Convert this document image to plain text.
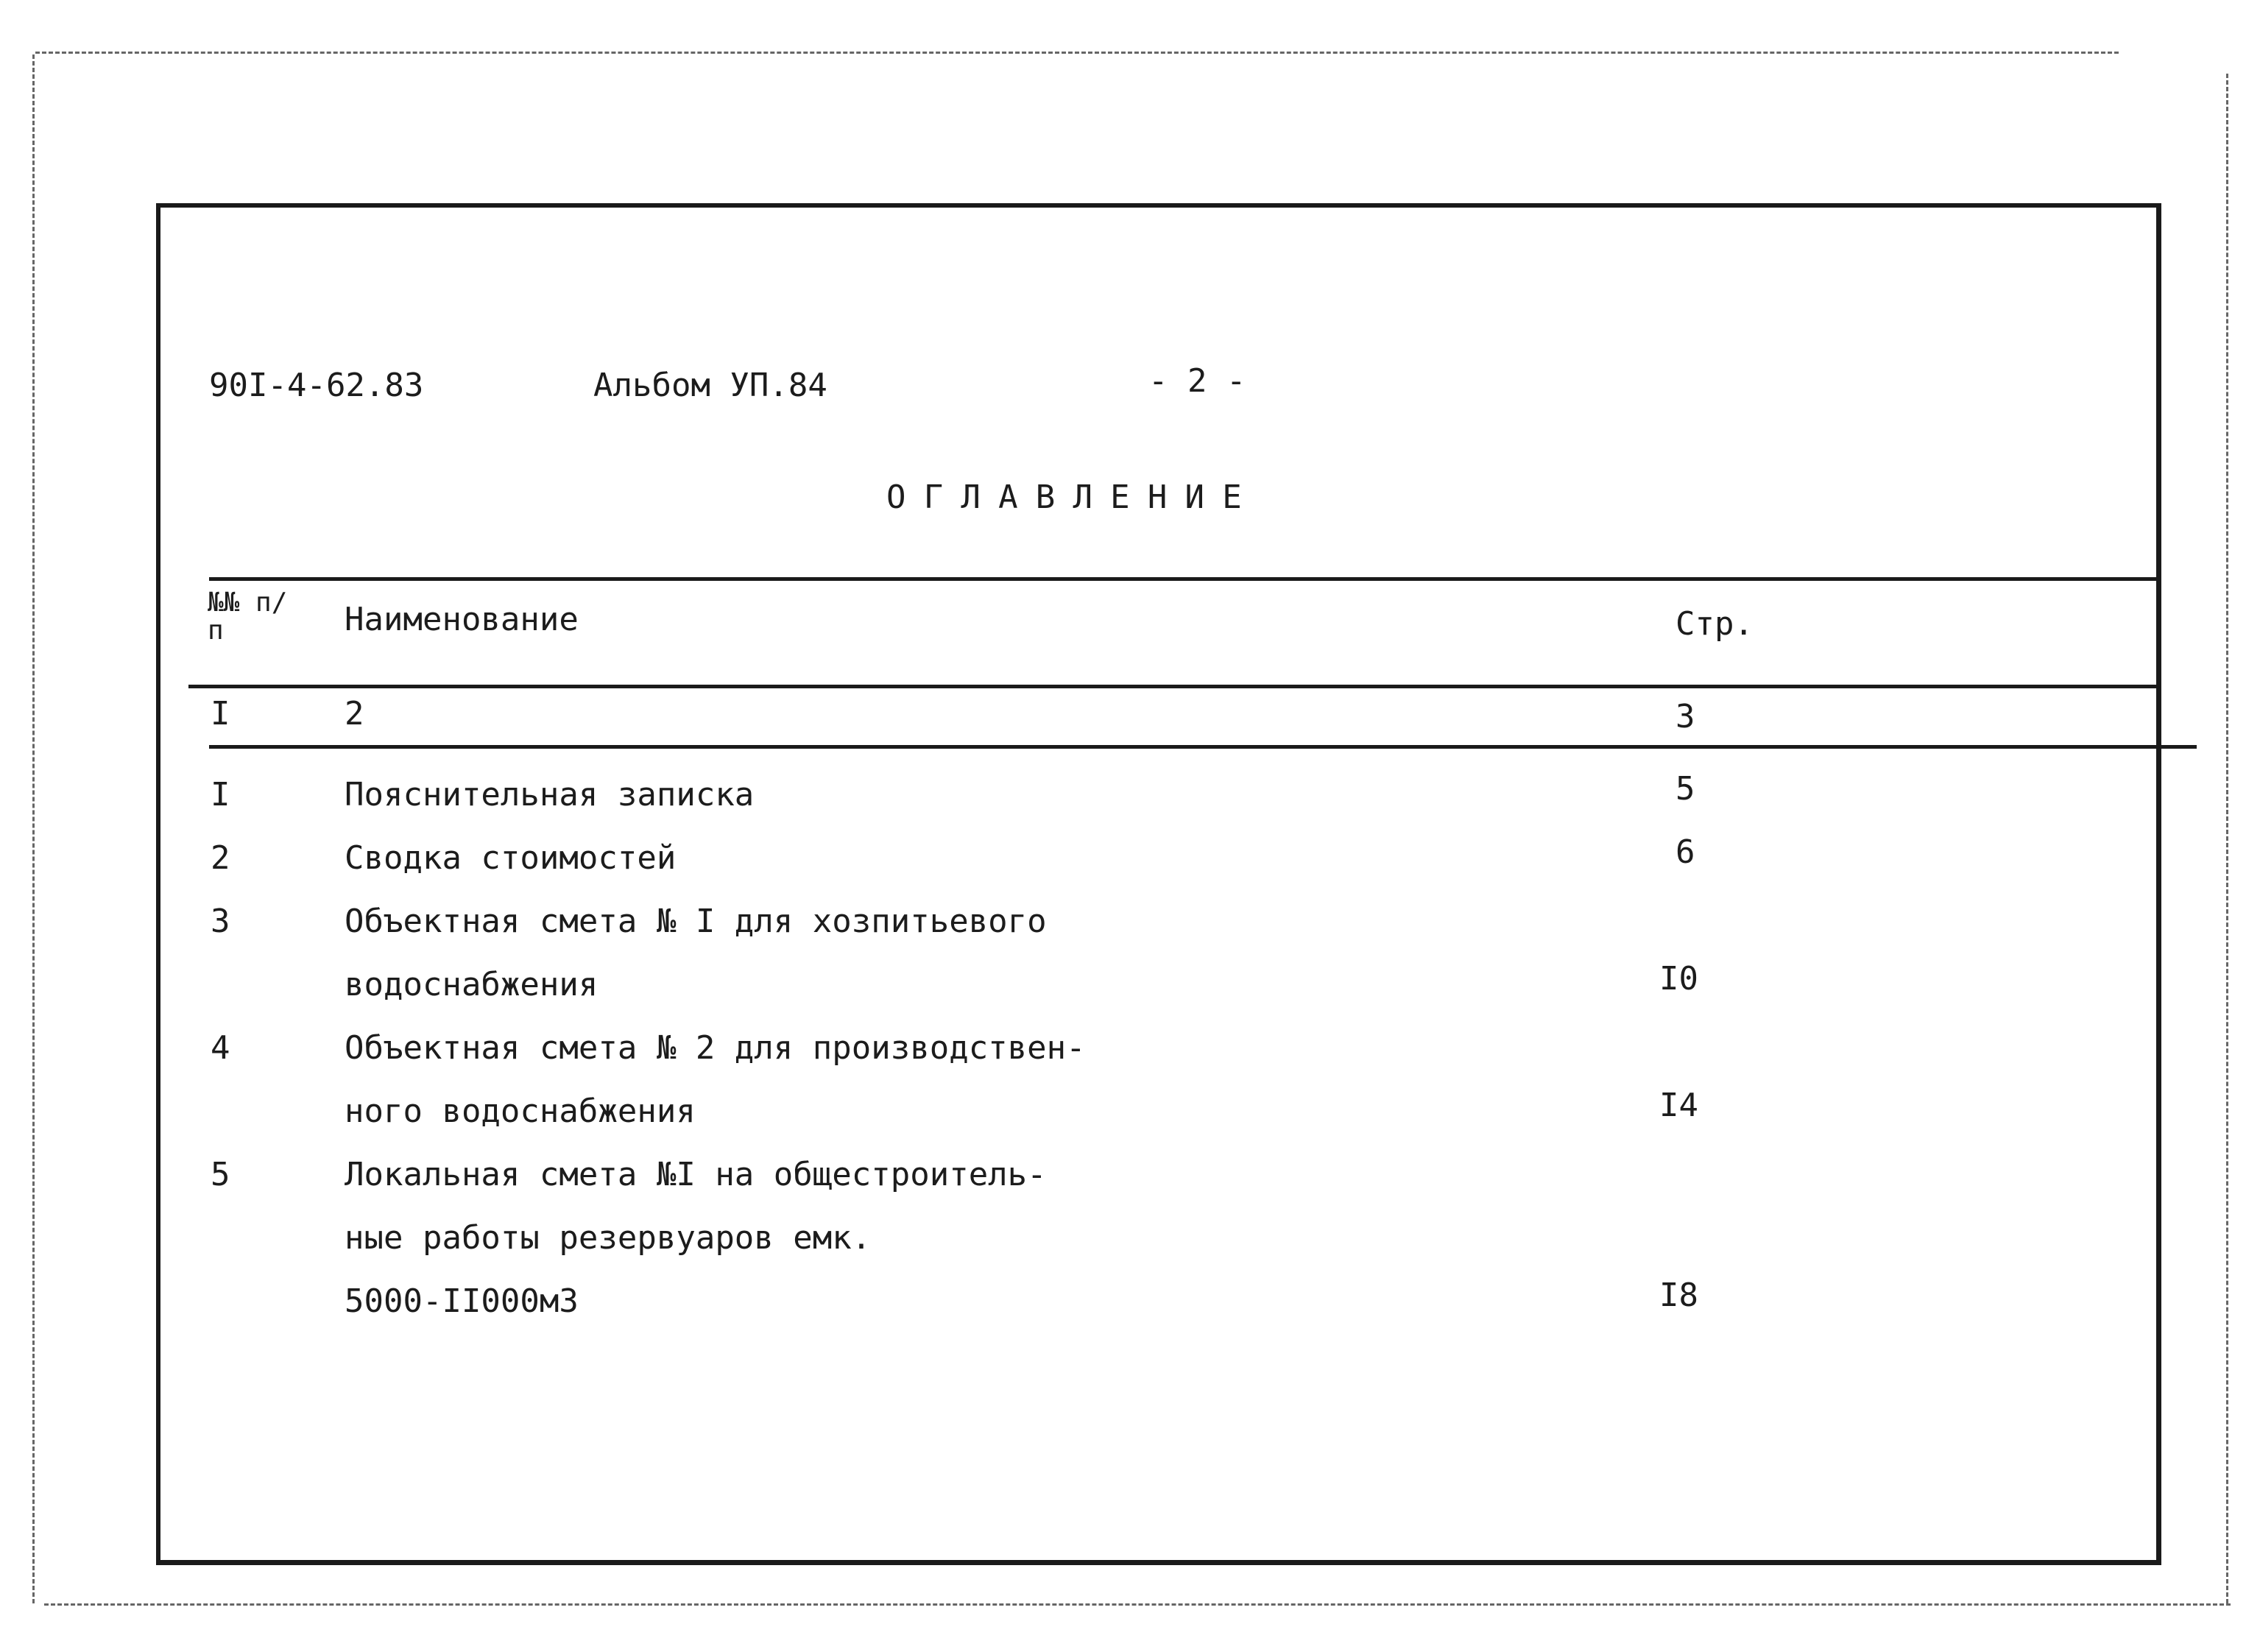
90I-4-62.83	Альбом УП.84	- 2 -
ОГЛАВЛЕНИЕ
№№ п/п	Наименование	Стр.
I	2	3
I	Пояснительная записка	5
2	Сводка стоимостей	6
3	Объектная смета № I для хозпитьевого
водоснабжения	I0
4	Объектная смета № 2 для производствен-
ного водоснабжения	I4
5	Локальная смета №I на общестроитель-
ные работы резервуаров емк.
5000-II000м3	I8
